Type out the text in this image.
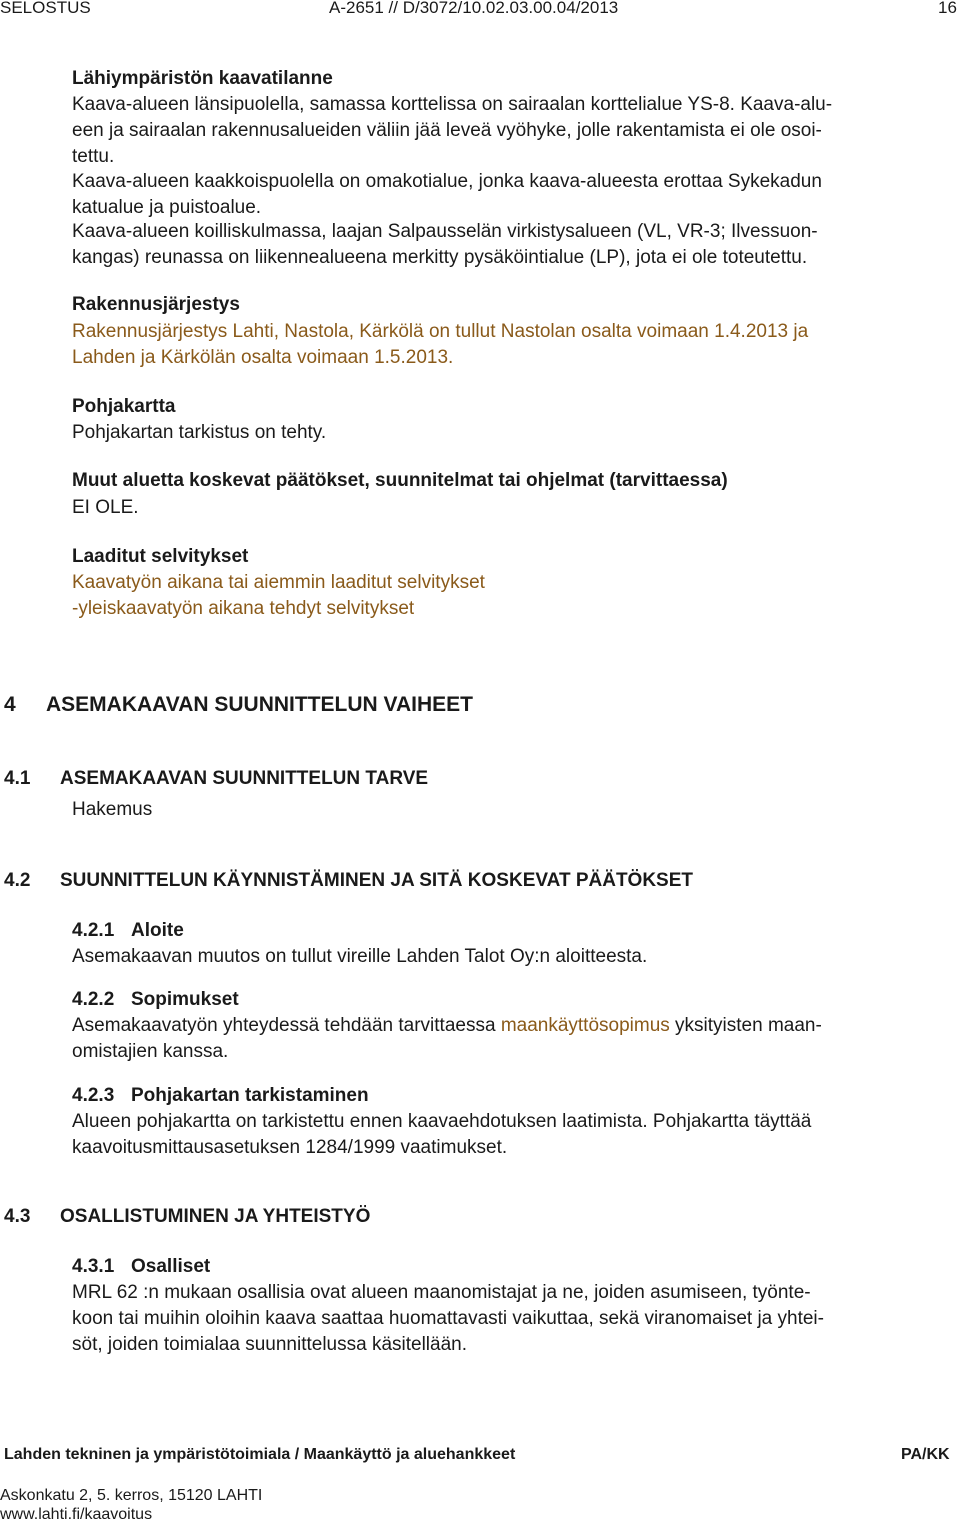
SELOSTUS	A-2651 // D/3072/10.02.03.00.04/2013	16
Lähiympäristön kaavatilanne
Kaava-alueen länsipuolella, samassa korttelissa on sairaalan korttelialue YS-8. Kaava-alu-
een ja sairaalan rakennusalueiden väliin jää leveä vyöhyke, jolle rakentamista ei ole osoi-
tettu.
Kaava-alueen kaakkoispuolella on omakotialue, jonka kaava-alueesta erottaa Sykekadun
katualue ja puistoalue.
Kaava-alueen koilliskulmassa, laajan Salpausselän virkistysalueen (VL, VR-3; Ilvessuon-
kangas) reunassa on liikennealueena merkitty pysäköintialue (LP), jota ei ole toteutettu.
Rakennusjärjestys
Rakennusjärjestys Lahti, Nastola, Kärkölä on tullut Nastolan osalta voimaan 1.4.2013 ja
Lahden ja Kärkölän osalta voimaan 1.5.2013.
Pohjakartta
Pohjakartan tarkistus on tehty.
Muut aluetta koskevat päätökset, suunnitelmat tai ohjelmat (tarvittaessa)
EI OLE.
Laaditut selvitykset
Kaavatyön aikana tai aiemmin laaditut selvitykset
-yleiskaavatyön aikana tehdyt selvitykset
4 ASEMAKAAVAN SUUNNITTELUN VAIHEET
4.1 ASEMAKAAVAN SUUNNITTELUN TARVE
Hakemus
4.2 SUUNNITTELUN KÄYNNISTÄMINEN JA SITÄ KOSKEVAT PÄÄTÖKSET
4.2.1 Aloite
Asemakaavan muutos on tullut vireille Lahden Talot Oy:n aloitteesta.
4.2.2 Sopimukset
Asemakaavatyön yhteydessä tehdään tarvittaessa maankäyttösopimus yksityisten maan-
omistajien kanssa.
4.2.3 Pohjakartan tarkistaminen
Alueen pohjakartta on tarkistettu ennen kaavaehdotuksen laatimista. Pohjakartta täyttää
kaavoitusmittausasetuksen 1284/1999 vaatimukset.
4.3 OSALLISTUMINEN JA YHTEISTYÖ
4.3.1 Osalliset
MRL 62 :n mukaan osallisia ovat alueen maanomistajat ja ne, joiden asumiseen, työnte-
koon tai muihin oloihin kaava saattaa huomattavasti vaikuttaa, sekä viranomaiset ja yhtei-
söt, joiden toimialaa suunnittelussa käsitellään.
Lahden tekninen ja ympäristötoimiala / Maankäyttö ja aluehankkeet	PA/KK
Askonkatu 2, 5. kerros, 15120 LAHTI
www.lahti.fi/kaavoitus
